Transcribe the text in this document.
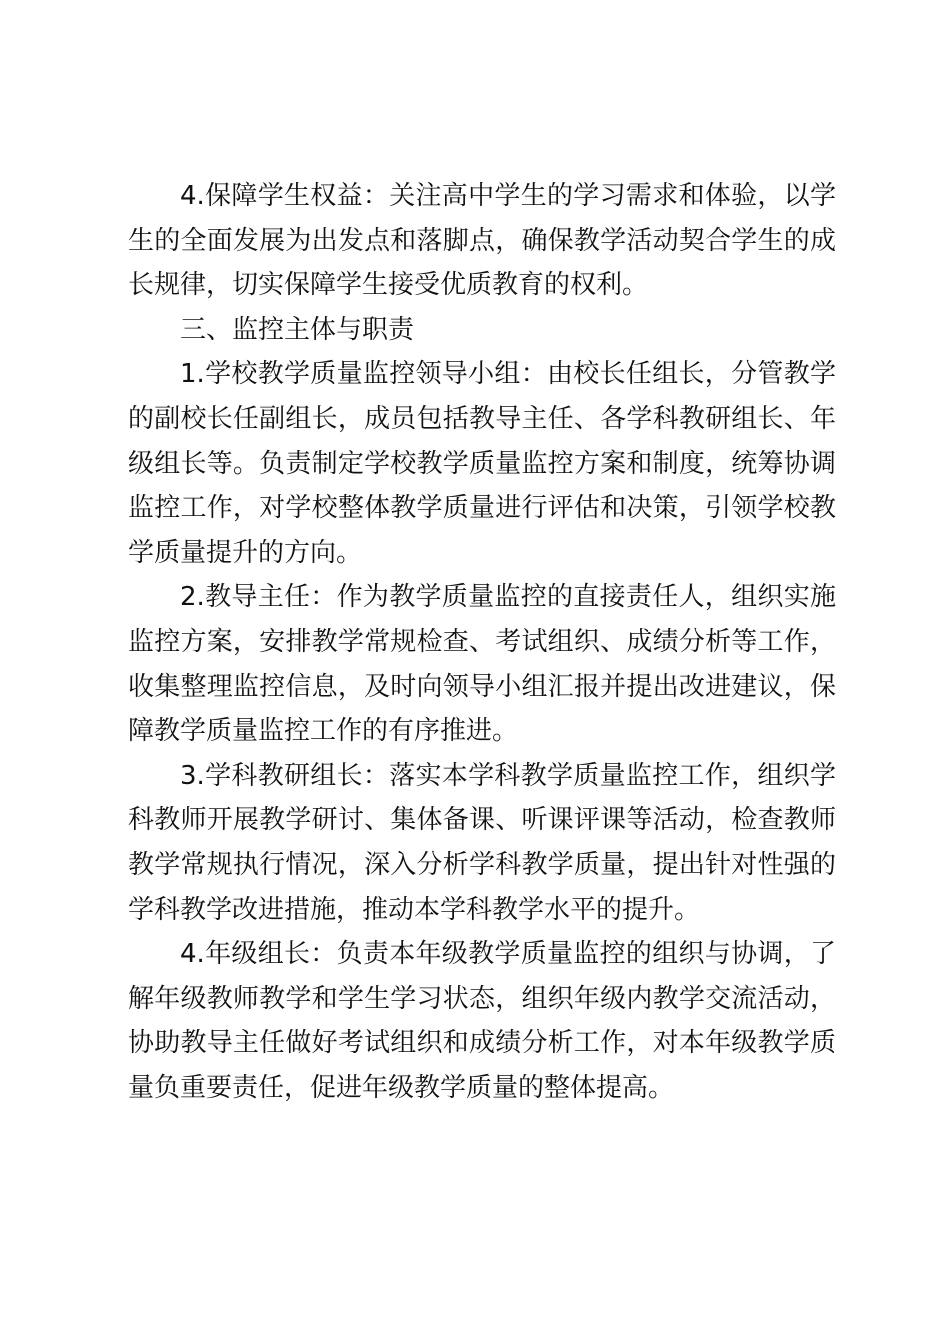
4.保障学生权益：关注高中学生的学习需求和体验，以学生的全面发展为出发点和落脚点，确保教学活动契合学生的成长规律，切实保障学生接受优质教育的权利。

三、监控主体与职责

1.学校教学质量监控领导小组：由校长任组长，分管教学的副校长任副组长，成员包括教导主任、各学科教研组长、年级组长等。负责制定学校教学质量监控方案和制度，统筹协调监控工作，对学校整体教学质量进行评估和决策，引领学校教学质量提升的方向。

2.教导主任：作为教学质量监控的直接责任人，组织实施监控方案，安排教学常规检查、考试组织、成绩分析等工作，收集整理监控信息，及时向领导小组汇报并提出改进建议，保障教学质量监控工作的有序推进。

3.学科教研组长：落实本学科教学质量监控工作，组织学科教师开展教学研讨、集体备课、听课评课等活动，检查教师教学常规执行情况，深入分析学科教学质量，提出针对性强的学科教学改进措施，推动本学科教学水平的提升。

4.年级组长：负责本年级教学质量监控的组织与协调，了解年级教师教学和学生学习状态，组织年级内教学交流活动，协助教导主任做好考试组织和成绩分析工作，对本年级教学质量负重要责任，促进年级教学质量的整体提高。
